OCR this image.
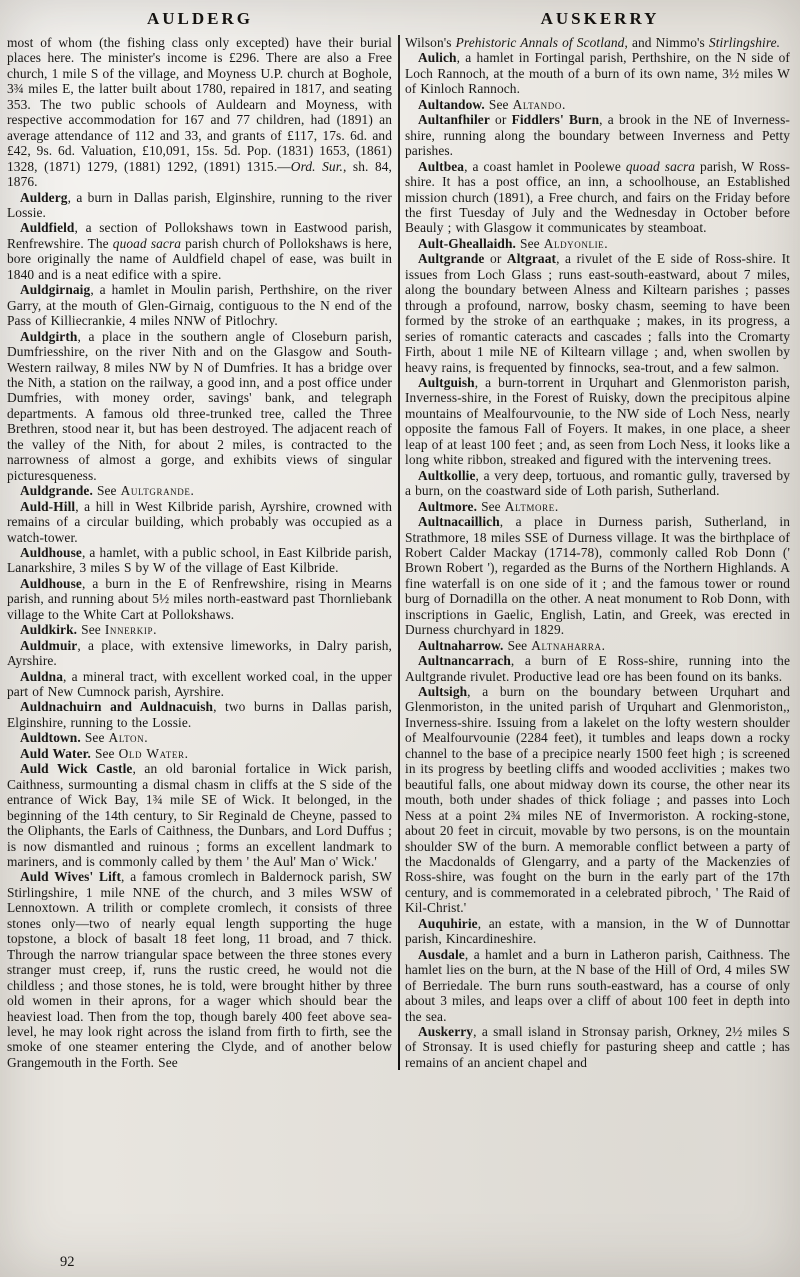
AULDERG	AUSKERRY

most of whom (the fishing class only excepted) have their burial places here. The minister's income is £296. There are also a Free church, 1 mile S of the village, and Moyness U.P. church at Boghole, 3¾ miles E, the latter built about 1780, repaired in 1817, and seating 353. The two public schools of Auldearn and Moyness, with respective accommodation for 167 and 77 children, had (1891) an average attendance of 112 and 33, and grants of £117, 17s. 6d. and £42, 9s. 6d. Valuation, £10,091, 15s. 5d. Pop. (1831) 1653, (1861) 1328, (1871) 1279, (1881) 1292, (1891) 1315.—Ord. Sur., sh. 84, 1876.

Aulderg, a burn in Dallas parish, Elginshire, running to the river Lossie.

Auldfield, a section of Pollokshaws town in Eastwood parish, Renfrewshire. The quoad sacra parish church of Pollokshaws is here, bore originally the name of Auldfield chapel of ease, was built in 1840 and is a neat edifice with a spire.

Auldgirnaig, a hamlet in Moulin parish, Perthshire, on the river Garry, at the mouth of Glen-Girnaig, contiguous to the N end of the Pass of Killiecrankie, 4 miles NNW of Pitlochry.

Auldgirth, a place in the southern angle of Closeburn parish, Dumfriesshire, on the river Nith and on the Glasgow and South-Western railway, 8 miles NW by N of Dumfries. It has a bridge over the Nith, a station on the railway, a good inn, and a post office under Dumfries, with money order, savings' bank, and telegraph departments. A famous old three-trunked tree, called the Three Brethren, stood near it, but has been destroyed. The adjacent reach of the valley of the Nith, for about 2 miles, is contracted to the narrowness of almost a gorge, and exhibits views of singular picturesqueness.

Auldgrande. See Aultgrande.

Auld-Hill, a hill in West Kilbride parish, Ayrshire, crowned with remains of a circular building, which probably was occupied as a watch-tower.

Auldhouse, a hamlet, with a public school, in East Kilbride parish, Lanarkshire, 3 miles S by W of the village of East Kilbride.

Auldhouse, a burn in the E of Renfrewshire, rising in Mearns parish, and running about 5½ miles north-eastward past Thornliebank village to the White Cart at Pollokshaws.

Auldkirk. See Innerkip.

Auldmuir, a place, with extensive limeworks, in Dalry parish, Ayrshire.

Auldna, a mineral tract, with excellent worked coal, in the upper part of New Cumnock parish, Ayrshire.

Auldnachuirn and Auldnacuish, two burns in Dallas parish, Elginshire, running to the Lossie.

Auldtown. See Alton.

Auld Water. See Old Water.

Auld Wick Castle, an old baronial fortalice in Wick parish, Caithness, surmounting a dismal chasm in cliffs at the S side of the entrance of Wick Bay, 1¾ mile SE of Wick. It belonged, in the beginning of the 14th century, to Sir Reginald de Cheyne, passed to the Oliphants, the Earls of Caithness, the Dunbars, and Lord Duffus ; is now dismantled and ruinous ; forms an excellent landmark to mariners, and is commonly called by them ' the Aul' Man o' Wick.'

Auld Wives' Lift, a famous cromlech in Baldernock parish, SW Stirlingshire, 1 mile NNE of the church, and 3 miles WSW of Lennoxtown. A trilith or complete cromlech, it consists of three stones only—two of nearly equal length supporting the huge topstone, a block of basalt 18 feet long, 11 broad, and 7 thick. Through the narrow triangular space between the three stones every stranger must creep, if, runs the rustic creed, he would not die childless ; and those stones, he is told, were brought hither by three old women in their aprons, for a wager which should bear the heaviest load. Then from the top, though barely 400 feet above sea-level, he may look right across the island from firth to firth, see the smoke of one steamer entering the Clyde, and of another below Grangemouth in the Forth. See

Wilson's Prehistoric Annals of Scotland, and Nimmo's Stirlingshire.

Aulich, a hamlet in Fortingal parish, Perthshire, on the N side of Loch Rannoch, at the mouth of a burn of its own name, 3½ miles W of Kinloch Rannoch.

Aultandow. See Altando.

Aultanfhiler or Fiddlers' Burn, a brook in the NE of Inverness-shire, running along the boundary between Inverness and Petty parishes.

Aultbea, a coast hamlet in Poolewe quoad sacra parish, W Ross-shire. It has a post office, an inn, a schoolhouse, an Established mission church (1891), a Free church, and fairs on the Friday before the first Tuesday of July and the Wednesday in October before Beauly ; with Glasgow it communicates by steamboat.

Ault-Gheallaidh. See Aldyonlie.

Aultgrande or Altgraat, a rivulet of the E side of Ross-shire. It issues from Loch Glass ; runs east-south-eastward, about 7 miles, along the boundary between Alness and Kiltearn parishes ; passes through a profound, narrow, bosky chasm, seeming to have been formed by the stroke of an earthquake ; makes, in its progress, a series of romantic cateracts and cascades ; falls into the Cromarty Firth, about 1 mile NE of Kiltearn village ; and, when swollen by heavy rains, is frequented by finnocks, sea-trout, and a few salmon.

Aultguish, a burn-torrent in Urquhart and Glenmoriston parish, Inverness-shire, in the Forest of Ruisky, down the precipitous alpine mountains of Mealfourvounie, to the NW side of Loch Ness, nearly opposite the famous Fall of Foyers. It makes, in one place, a sheer leap of at least 100 feet ; and, as seen from Loch Ness, it looks like a long white ribbon, streaked and figured with the intervening trees.

Aultkollie, a very deep, tortuous, and romantic gully, traversed by a burn, on the coastward side of Loth parish, Sutherland.

Aultmore. See Altmore.

Aultnacaillich, a place in Durness parish, Sutherland, in Strathmore, 18 miles SSE of Durness village. It was the birthplace of Robert Calder Mackay (1714-78), commonly called Rob Donn (' Brown Robert '), regarded as the Burns of the Northern Highlands. A fine waterfall is on one side of it ; and the famous tower or round burg of Dornadilla on the other. A neat monument to Rob Donn, with inscriptions in Gaelic, English, Latin, and Greek, was erected in Durness churchyard in 1829.

Aultnaharrow. See Altnaharra.

Aultnancarrach, a burn of E Ross-shire, running into the Aultgrande rivulet. Productive lead ore has been found on its banks.

Aultsigh, a burn on the boundary between Urquhart and Glenmoriston, in the united parish of Urquhart and Glenmoriston,, Inverness-shire. Issuing from a lakelet on the lofty western shoulder of Mealfourvounie (2284 feet), it tumbles and leaps down a rocky channel to the base of a precipice nearly 1500 feet high ; is screened in its progress by beetling cliffs and wooded acclivities ; makes two beautiful falls, one about midway down its course, the other near its mouth, both under shades of thick foliage ; and passes into Loch Ness at a point 2¾ miles NE of Invermoriston. A rocking-stone, about 20 feet in circuit, movable by two persons, is on the mountain shoulder SW of the burn. A memorable conflict between a party of the Macdonalds of Glengarry, and a party of the Mackenzies of Ross-shire, was fought on the burn in the early part of the 17th century, and is commemorated in a celebrated pibroch, ' The Raid of Kil-Christ.'

Auquhirie, an estate, with a mansion, in the W of Dunnottar parish, Kincardineshire.

Ausdale, a hamlet and a burn in Latheron parish, Caithness. The hamlet lies on the burn, at the N base of the Hill of Ord, 4 miles SW of Berriedale. The burn runs south-eastward, has a course of only about 3 miles, and leaps over a cliff of about 100 feet in depth into the sea.

Auskerry, a small island in Stronsay parish, Orkney, 2½ miles S of Stronsay. It is used chiefly for pasturing sheep and cattle ; has remains of an ancient chapel and

92
